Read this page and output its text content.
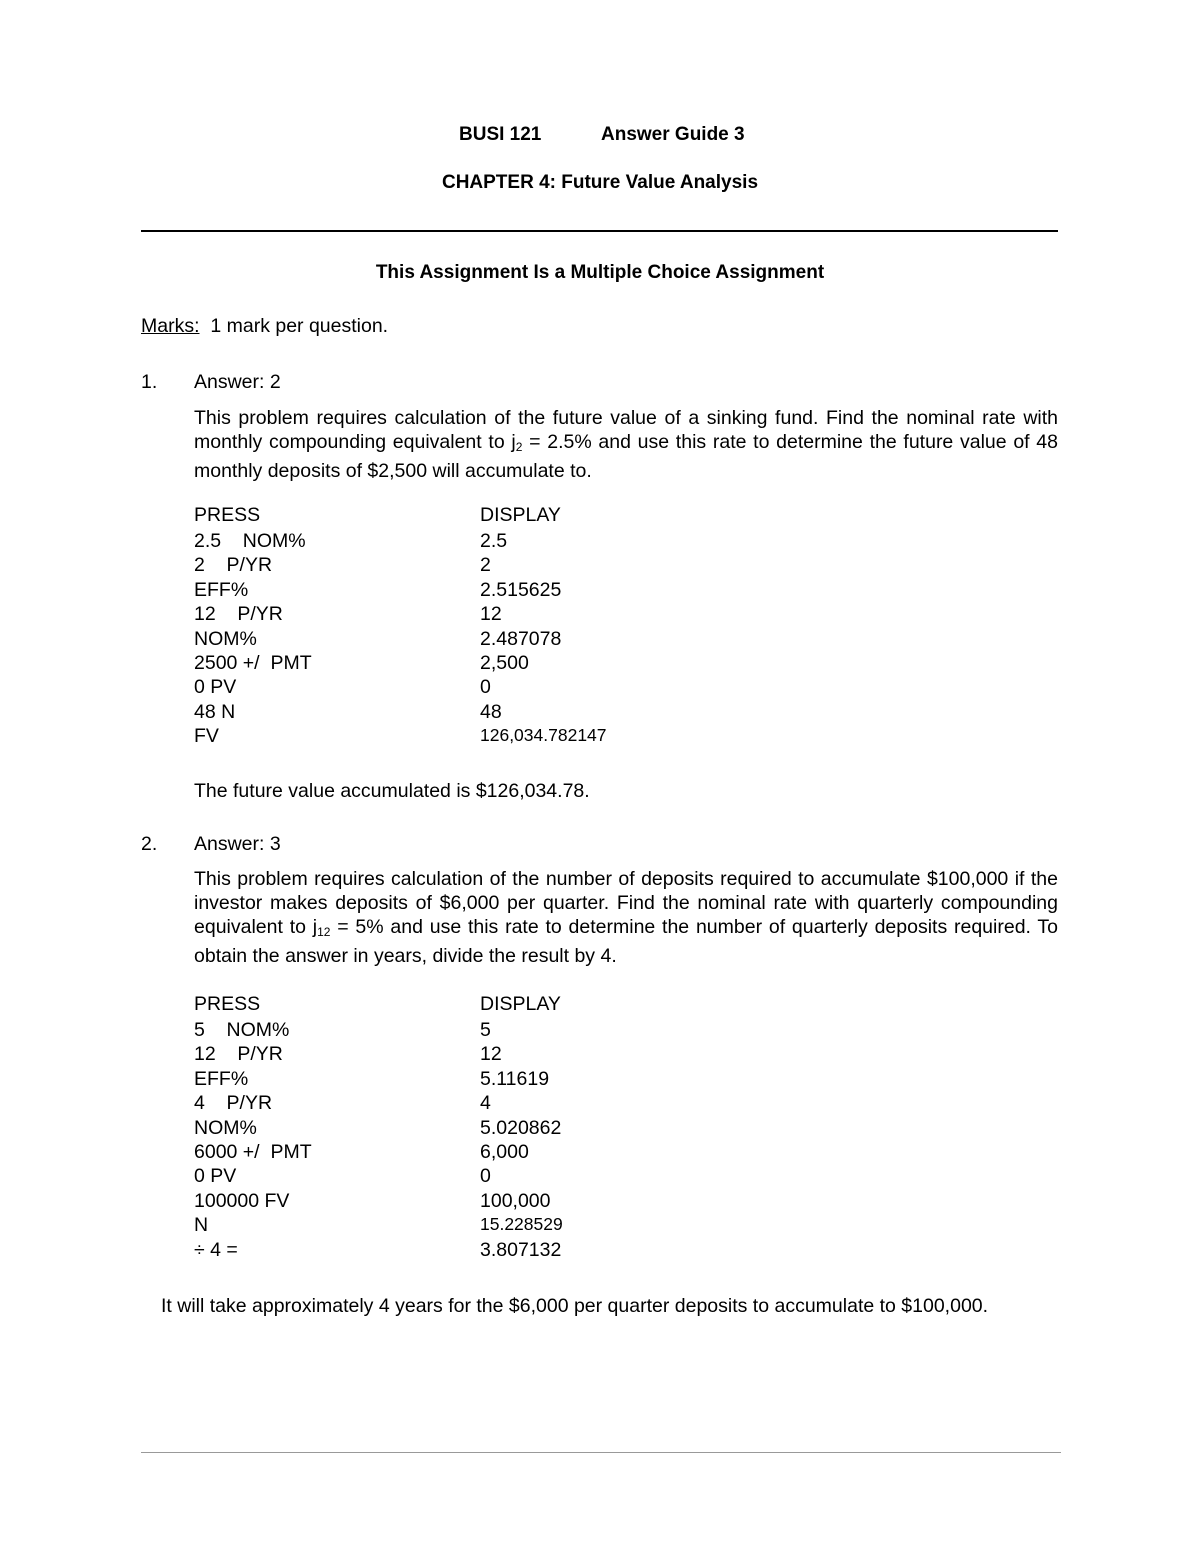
BUSI 121	Answer Guide 3
CHAPTER 4: Future Value Analysis
This Assignment Is a Multiple Choice Assignment
Marks: 1 mark per question.
1. Answer: 2
This problem requires calculation of the future value of a sinking fund. Find the nominal rate with monthly compounding equivalent to $j_2 = 2.5\%$ and use this rate to determine the future value of 48 monthly deposits of $2,500 will accumulate to.
PRESS	DISPLAY
2.5    NOM%	2.5
2    P/YR	2
EFF%	2.515625
12    P/YR	12
NOM%	2.487078
2500 +/  PMT	2,500
0 PV	0
48 N	48
FV	126,034.782147
The future value accumulated is $126,034.78.
2. Answer: 3
This problem requires calculation of the number of deposits required to accumulate $100,000 if the investor makes deposits of $6,000 per quarter. Find the nominal rate with quarterly compounding equivalent to $j_{12} = 5\%$ and use this rate to determine the number of quarterly deposits required. To obtain the answer in years, divide the result by 4.
PRESS	DISPLAY
5    NOM%	5
12    P/YR	12
EFF%	5.11619
4    P/YR	4
NOM%	5.020862
6000 +/  PMT	6,000
0 PV	0
100000 FV	100,000
N	15.228529
÷ 4 =	3.807132
It will take approximately 4 years for the $6,000 per quarter deposits to accumulate to $100,000.
